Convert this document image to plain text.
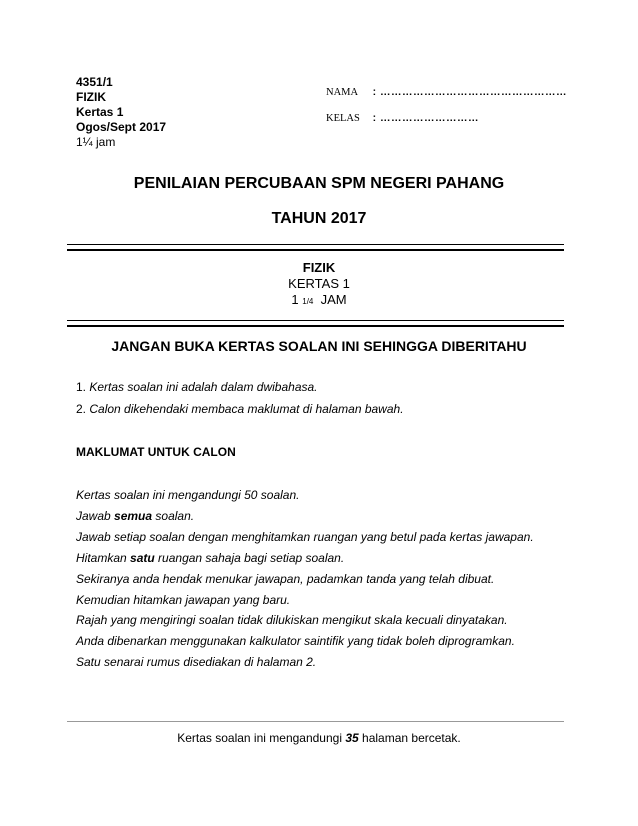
4351/1
FIZIK
Kertas 1
Ogos/Sept 2017
1¼ jam
NAMA : ……………………………………………
KELAS : ………………………
PENILAIAN PERCUBAAN SPM NEGERI PAHANG
TAHUN 2017
FIZIK
KERTAS 1
1 1/4 JAM
JANGAN BUKA KERTAS SOALAN INI SEHINGGA DIBERITAHU
1. Kertas soalan ini adalah dalam dwibahasa.
2. Calon dikehendaki membaca maklumat di halaman bawah.
MAKLUMAT UNTUK CALON
Kertas soalan ini mengandungi 50 soalan.
Jawab semua soalan.
Jawab setiap soalan dengan menghitamkan ruangan yang betul pada kertas jawapan.
Hitamkan satu ruangan sahaja bagi setiap soalan.
Sekiranya anda hendak menukar jawapan, padamkan tanda yang telah dibuat.
Kemudian hitamkan jawapan yang baru.
Rajah yang mengiringi soalan tidak dilukiskan mengikut skala kecuali dinyatakan.
Anda dibenarkan menggunakan kalkulator saintifik yang tidak boleh diprogramkan.
Satu senarai rumus disediakan di halaman 2.
Kertas soalan ini mengandungi 35 halaman bercetak.
